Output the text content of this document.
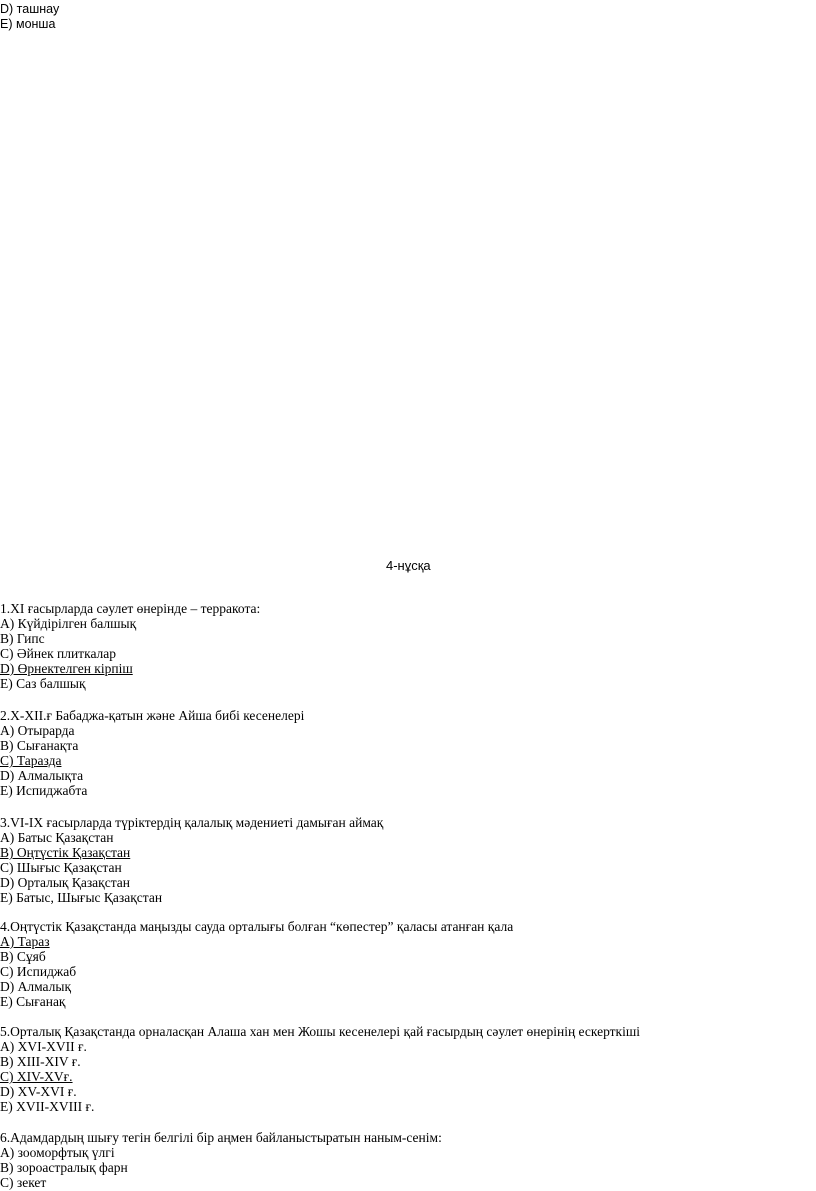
D) ташнау
E) монша
4-нұсқа
1.XI ғасырларда сәулет өнерінде – терракота:
A) Күйдірілген балшық
B) Гипс
C) Әйнек плиткалар
D) Өрнектелген кірпіш
E) Саз балшық
2.X-XII.ғ Бабаджа-қатын және Айша бибі кесенелері
A) Отырарда
B) Сығанақта
C) Таразда
D) Алмалықта
E) Испиджабта
3.VI-IX ғасырларда түріктердің қалалық мәдениеті дамыған аймақ
A) Батыс Қазақстан
B) Оңтүстік Қазақстан
C) Шығыс Қазақстан
D) Орталық Қазақстан
E) Батыс, Шығыс Қазақстан
4.Оңтүстік Қазақстанда маңызды сауда орталығы болған “көпестер” қаласы атанған қала
A) Тараз
B) Сұяб
C) Испиджаб
D) Алмалық
E) Сығанақ
5.Орталық Қазақстанда орналасқан Алаша хан мен Жошы кесенелері қай ғасырдың сәулет өнерінің ескерткіші
A) XVI-XVII ғ.
B) XIII-XIV ғ.
C) XIV-XVғ.
D) XV-XVI ғ.
E) XVII-XVIII ғ.
6.Адамдардың шығу тегін белгілі бір аңмен байланыстыратын наным-сенім:
A) зооморфтық үлгі
B) зороастралық фарн
C) зекет
